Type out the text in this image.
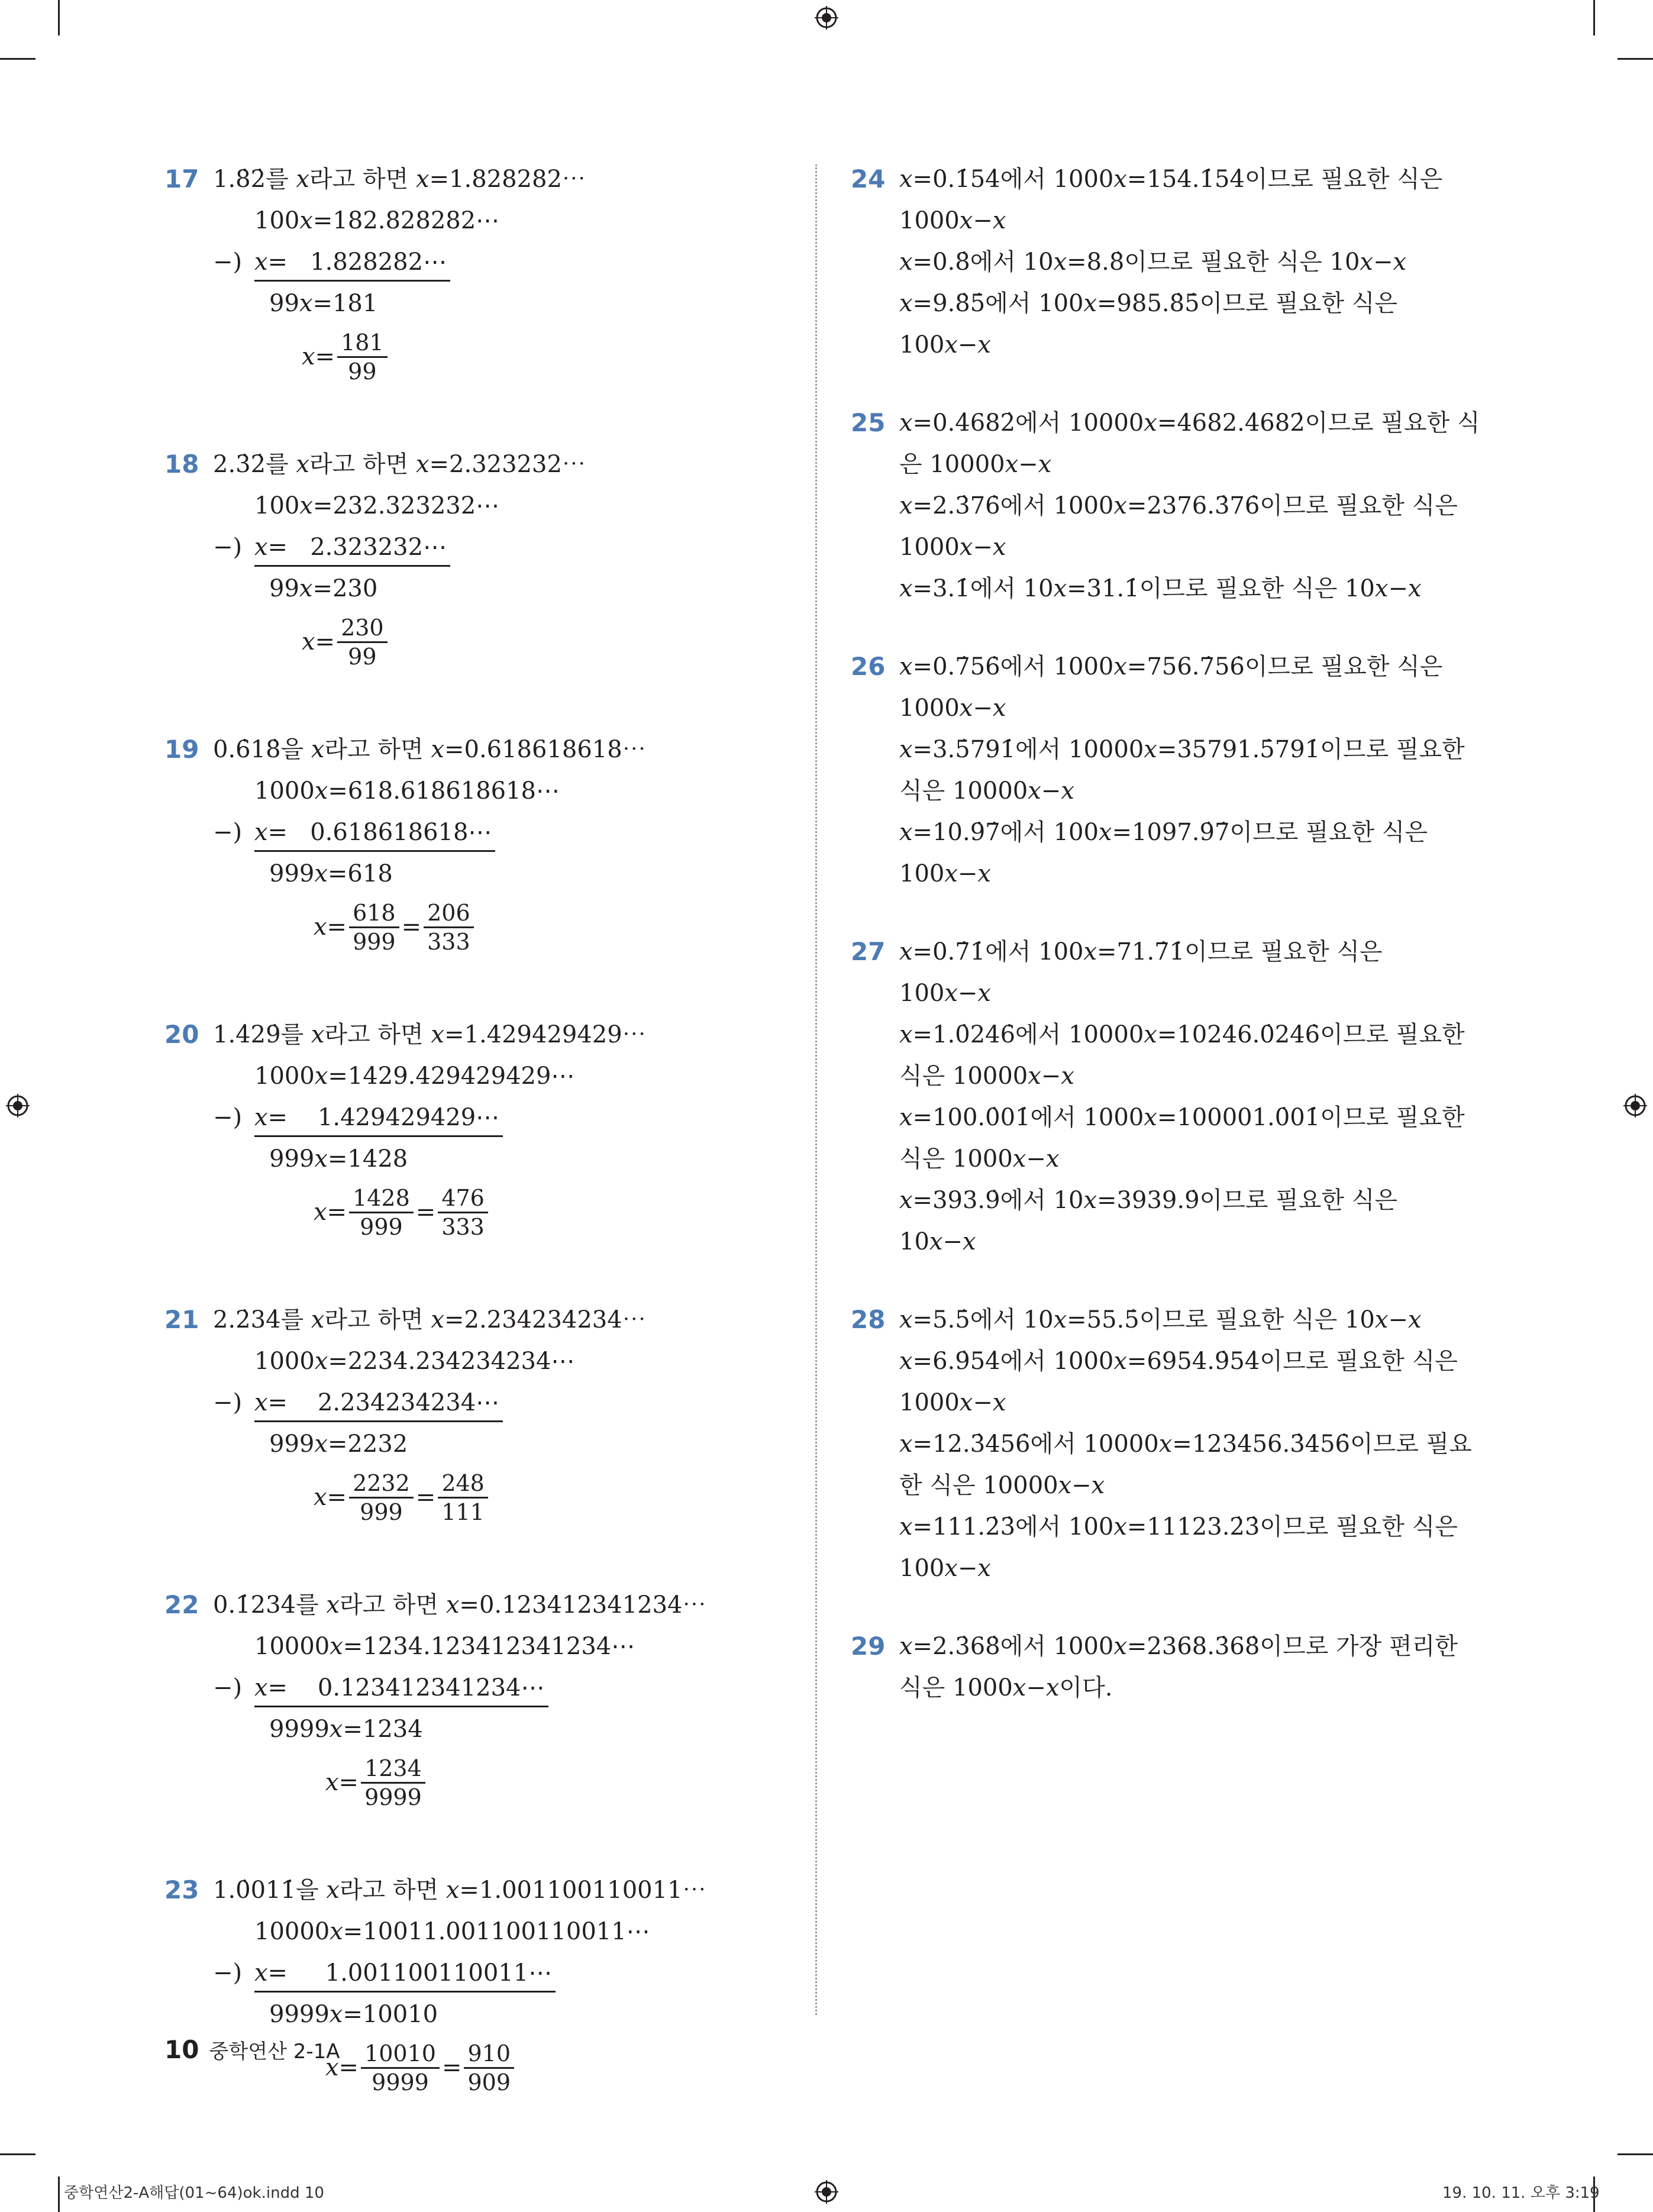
17 1.8̇2̇를 𝑥라고 하면 𝑥=1.828282⋯
100𝑥=182.828282⋯
−) 𝑥=   1.828282⋯
99𝑥=181
𝑥= $\frac{181}{99}$
18 2.3̇2̇를 𝑥라고 하면 𝑥=2.323232⋯
100𝑥=232.323232⋯
−) 𝑥=   2.323232⋯
99𝑥=230
𝑥= $\frac{230}{99}$
19 0.6̇18̇을 𝑥라고 하면 𝑥=0.618618618⋯
1000𝑥=618.618618618⋯
−) 𝑥=   0.618618618⋯
999𝑥=618
𝑥= $\frac{618}{999} = \frac{206}{333}$
20 1.4̇29̇를 𝑥라고 하면 𝑥=1.429429429⋯
1000𝑥=1429.429429429⋯
−) 𝑥=    1.429429429⋯
999𝑥=1428
𝑥= $\frac{1428}{999} = \frac{476}{333}$
21 2.2̇34̇를 𝑥라고 하면 𝑥=2.234234234⋯
1000𝑥=2234.234234234⋯
−) 𝑥=    2.234234234⋯
999𝑥=2232
𝑥= $\frac{2232}{999} = \frac{248}{111}$
22 0.1̇234̇를 𝑥라고 하면 𝑥=0.123412341234⋯
10000𝑥=1234.123412341234⋯
−) 𝑥=    0.123412341234⋯
9999𝑥=1234
𝑥= $\frac{1234}{9999}$
23 1.0̇011̇을 𝑥라고 하면 𝑥=1.001100110011⋯
10000𝑥=10011.001100110011⋯
−) 𝑥=     1.001100110011⋯
9999𝑥=10010
𝑥= $\frac{10010}{9999} = \frac{910}{909}$
24 𝑥=0.1̇54̇에서 1000𝑥=154.1̇54̇이므로 필요한 식은
1000𝑥−𝑥
𝑥=0.8̇에서 10𝑥=8.8̇이므로 필요한 식은 10𝑥−𝑥
𝑥=9.8̇5̇에서 100𝑥=985.8̇5̇이므로 필요한 식은
100𝑥−𝑥
25 𝑥=0.4̇682̇에서 10000𝑥=4682.4̇682̇이므로 필요한 식
은 10000𝑥−𝑥
𝑥=2.3̇76̇에서 1000𝑥=2376.3̇76̇이므로 필요한 식은
1000𝑥−𝑥
𝑥=3.1̇에서 10𝑥=31.1̇이므로 필요한 식은 10𝑥−𝑥
26 𝑥=0.7̇56̇에서 1000𝑥=756.7̇56̇이므로 필요한 식은
1000𝑥−𝑥
𝑥=3.5̇791̇에서 10000𝑥=35791.5̇791̇이므로 필요한
식은 10000𝑥−𝑥
𝑥=10.9̇7̇에서 100𝑥=1097.9̇7̇이므로 필요한 식은
100𝑥−𝑥
27 𝑥=0.7̇1̇에서 100𝑥=71.7̇1̇이므로 필요한 식은
100𝑥−𝑥
𝑥=1.0̇246̇에서 10000𝑥=10246.0̇246̇이므로 필요한
식은 10000𝑥−𝑥
𝑥=100.0̇01̇에서 1000𝑥=100001.0̇01̇이므로 필요한
식은 1000𝑥−𝑥
𝑥=393.9̇에서 10𝑥=3939.9̇이므로 필요한 식은
10𝑥−𝑥
28 𝑥=5.5̇에서 10𝑥=55.5̇이므로 필요한 식은 10𝑥−𝑥
𝑥=6.9̇54̇에서 1000𝑥=6954.9̇54̇이므로 필요한 식은
1000𝑥−𝑥
𝑥=12.3̇456̇에서 10000𝑥=123456.3̇456̇이므로 필요
한 식은 10000𝑥−𝑥
𝑥=111.2̇3̇에서 100𝑥=11123.2̇3̇이므로 필요한 식은
100𝑥−𝑥
29 𝑥=2.3̇68̇에서 1000𝑥=2368.3̇68̇이므로 가장 편리한
식은 1000𝑥−𝑥이다.
10 중학연산 2-1A
중학연산2-A해답(01~64)ok.indd 10	19. 10. 11. 오후 3:19
